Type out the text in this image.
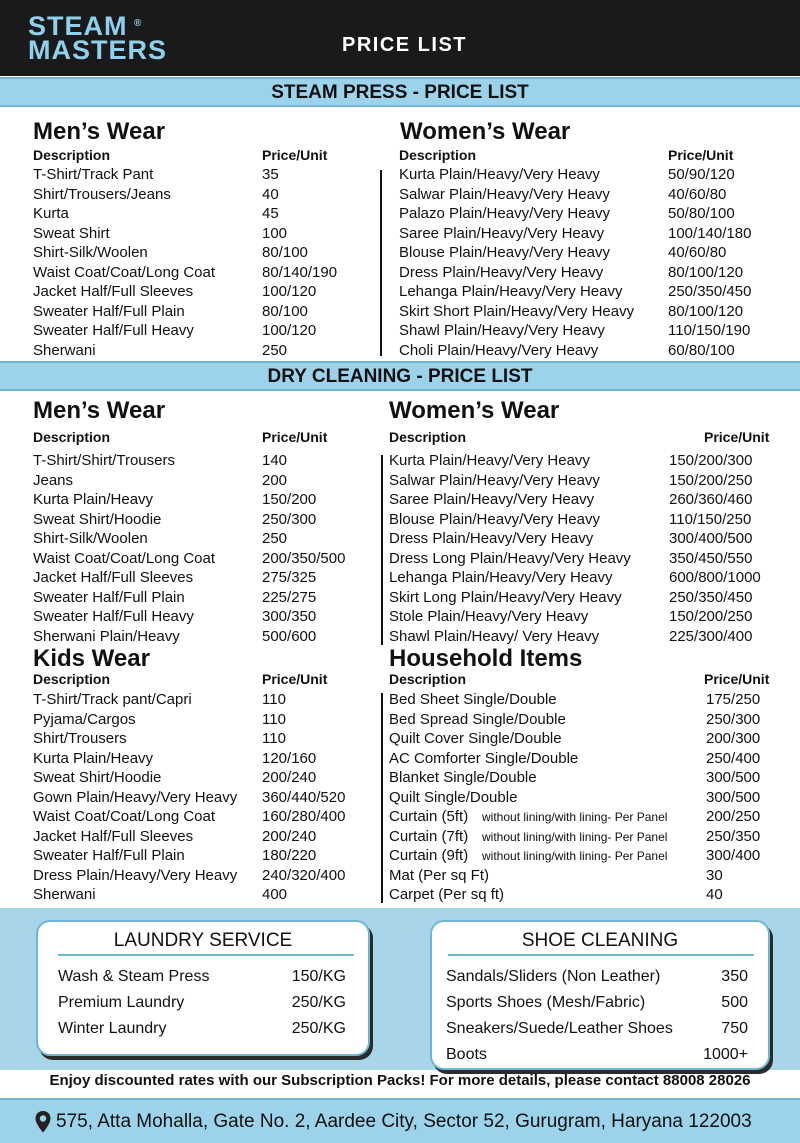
STEAM
MASTERS
®
PRICE LIST
STEAM PRESS - PRICE LIST
Men’s Wear
Description	Price/Unit
T-Shirt/Track Pant	35
Shirt/Trousers/Jeans	40
Kurta	45
Sweat Shirt	100
Shirt-Silk/Woolen	80/100
Waist Coat/Coat/Long Coat	80/140/190
Jacket Half/Full Sleeves	100/120
Sweater Half/Full Plain	80/100
Sweater Half/Full Heavy	100/120
Sherwani	250
Women’s Wear
Description	Price/Unit
Kurta Plain/Heavy/Very Heavy	50/90/120
Salwar Plain/Heavy/Very Heavy	40/60/80
Palazo Plain/Heavy/Very Heavy	50/80/100
Saree Plain/Heavy/Very Heavy	100/140/180
Blouse Plain/Heavy/Very Heavy	40/60/80
Dress Plain/Heavy/Very Heavy	80/100/120
Lehanga Plain/Heavy/Very Heavy	250/350/450
Skirt Short Plain/Heavy/Very Heavy 80/100/120
Shawl Plain/Heavy/Very Heavy	110/150/190
Choli Plain/Heavy/Very Heavy	60/80/100
DRY CLEANING - PRICE LIST
Men’s Wear
Description	Price/Unit
T-Shirt/Shirt/Trousers	140
Jeans	200
Kurta Plain/Heavy	150/200
Sweat Shirt/Hoodie	250/300
Shirt-Silk/Woolen	250
Waist Coat/Coat/Long Coat	200/350/500
Jacket Half/Full Sleeves	275/325
Sweater Half/Full Plain	225/275
Sweater Half/Full Heavy	300/350
Sherwani Plain/Heavy	500/600
Women’s Wear
Description	Price/Unit
Kurta Plain/Heavy/Very Heavy	150/200/300
Salwar Plain/Heavy/Very Heavy	150/200/250
Saree Plain/Heavy/Very Heavy	260/360/460
Blouse Plain/Heavy/Very Heavy	110/150/250
Dress Plain/Heavy/Very Heavy	300/400/500
Dress Long Plain/Heavy/Very Heavy	350/450/550
Lehanga Plain/Heavy/Very Heavy	600/800/1000
Skirt Long Plain/Heavy/Very Heavy	250/350/450
Stole Plain/Heavy/Very Heavy	150/200/250
Shawl Plain/Heavy/ Very Heavy	225/300/400
Kids Wear
Description	Price/Unit
T-Shirt/Track pant/Capri	110
Pyjama/Cargos	110
Shirt/Trousers	110
Kurta Plain/Heavy	120/160
Sweat Shirt/Hoodie	200/240
Gown Plain/Heavy/Very Heavy 360/440/520
Waist Coat/Coat/Long Coat	160/280/400
Jacket Half/Full Sleeves	200/240
Sweater Half/Full Plain	180/220
Dress Plain/Heavy/Very Heavy 240/320/400
Sherwani	400
Household Items
Description	Price/Unit
Bed Sheet Single/Double	175/250
Bed Spread Single/Double	250/300
Quilt Cover Single/Double	200/300
AC Comforter Single/Double	250/400
Blanket Single/Double	300/500
Quilt Single/Double	300/500
Curtain (5ft) without lining/with lining- Per Panel	200/250
Curtain (7ft) without lining/with lining- Per Panel	250/350
Curtain (9ft) without lining/with lining- Per Panel	300/400
Mat (Per sq Ft)	30
Carpet (Per sq ft)	40
LAUNDRY SERVICE
Wash & Steam Press	150/KG
Premium Laundry	250/KG
Winter Laundry	250/KG
SHOE CLEANING
Sandals/Sliders (Non Leather)	350
Sports Shoes (Mesh/Fabric)	500
Sneakers/Suede/Leather Shoes	750
Boots	1000+
Enjoy discounted rates with our Subscription Packs! For more details, please contact 88008 28026
575, Atta Mohalla, Gate No. 2, Aardee City, Sector 52, Gurugram, Haryana 122003
